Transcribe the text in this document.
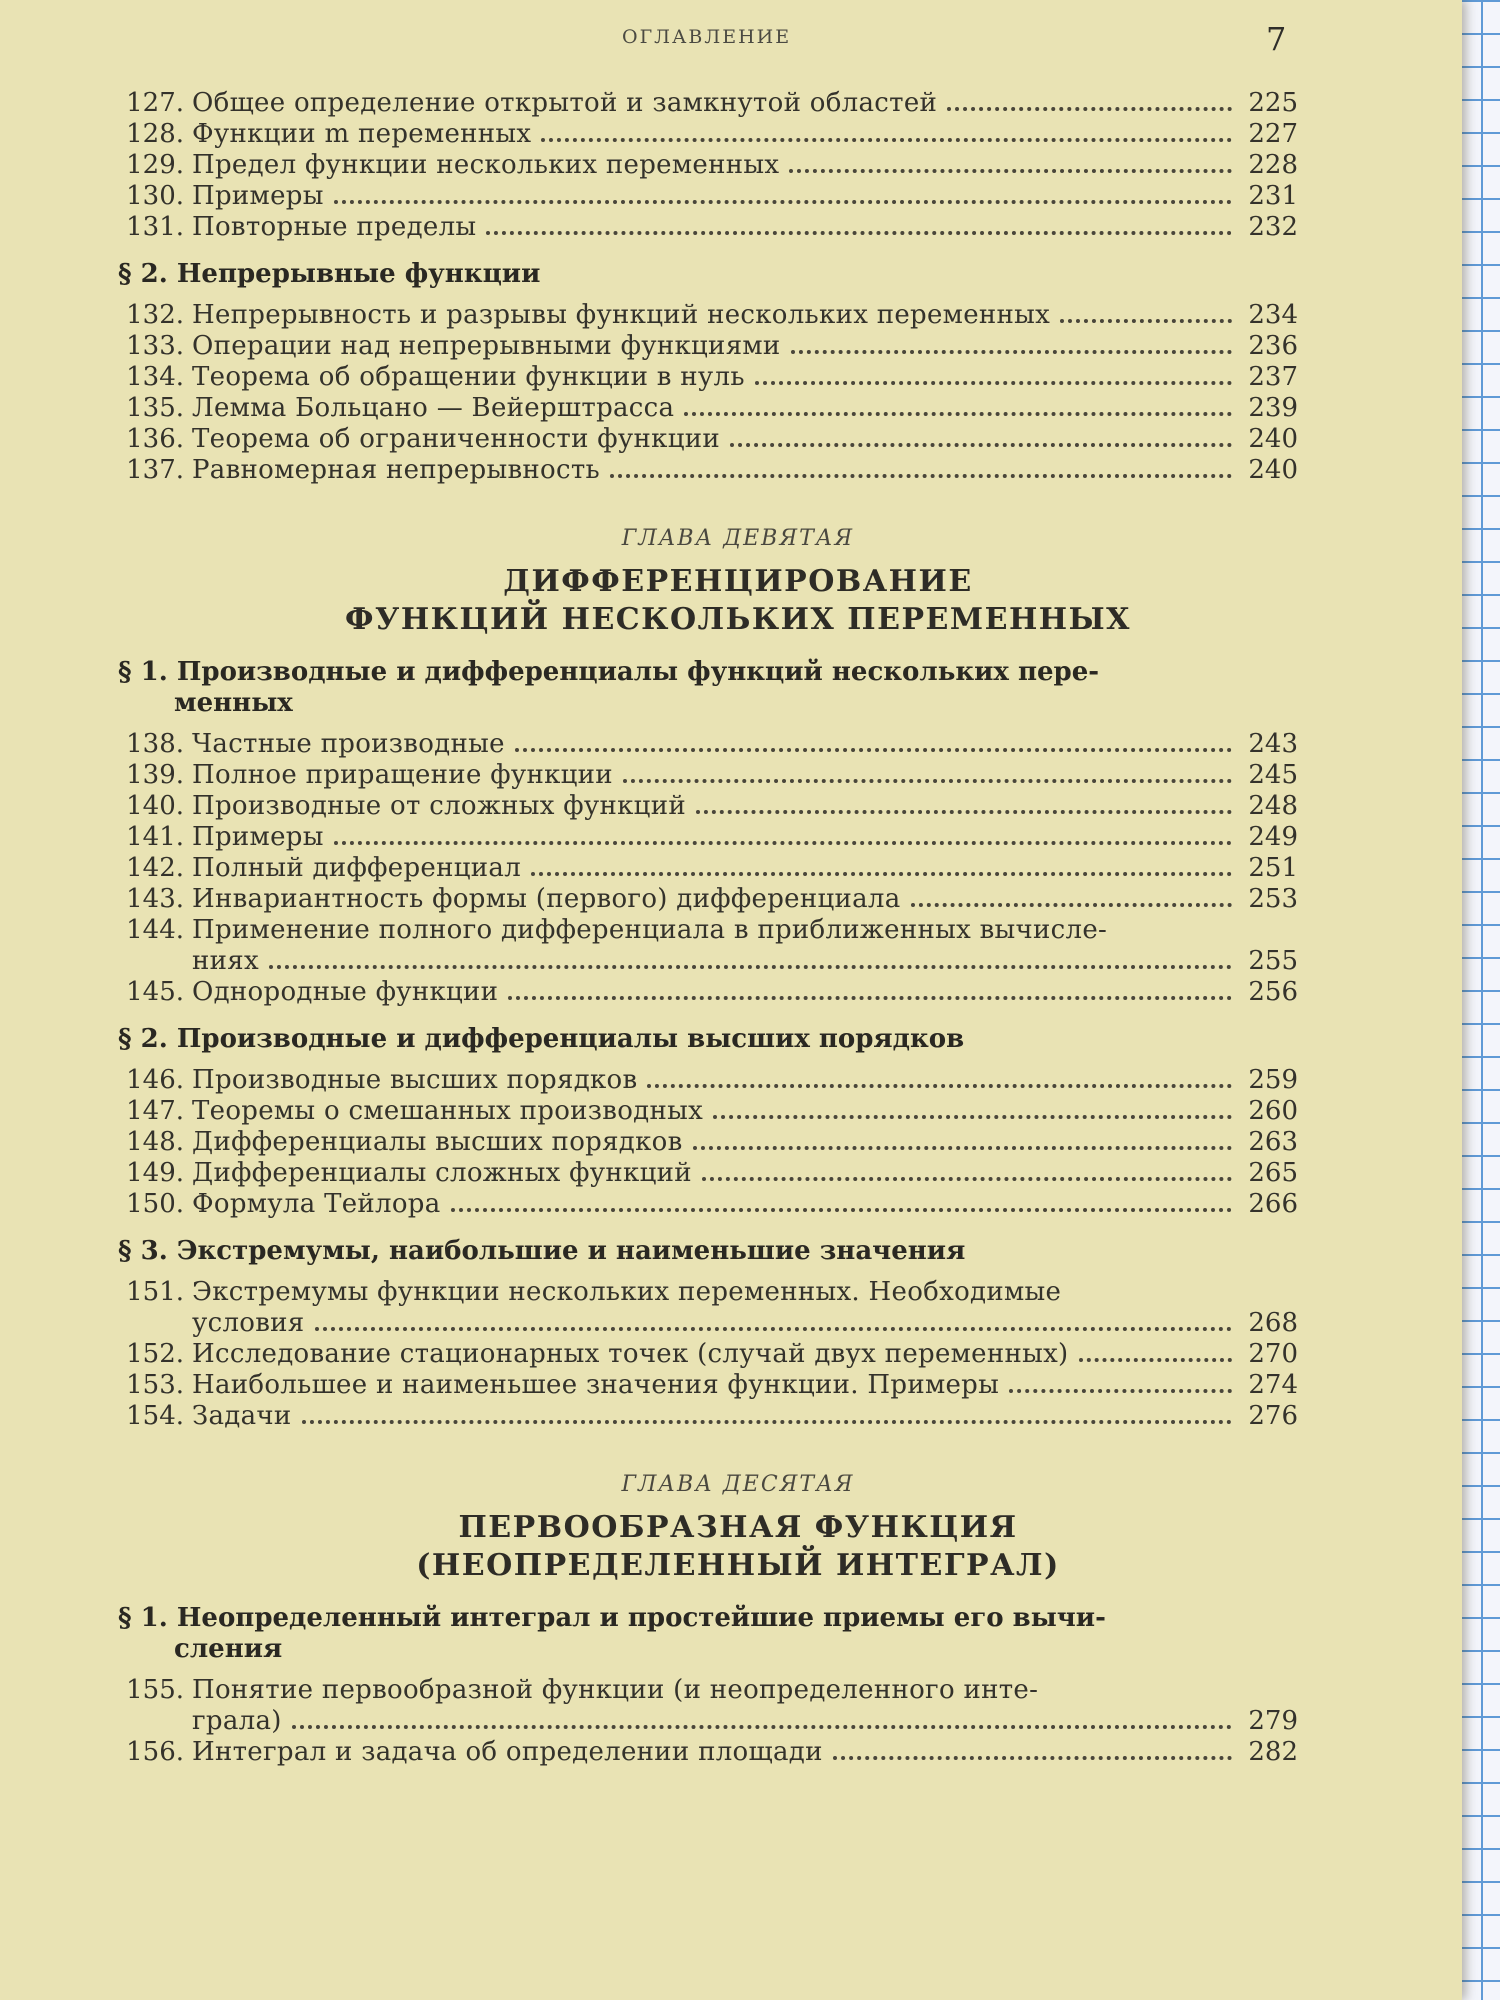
ОГЛАВЛЕНИЕ	7
127. Общее определение открытой и замкнутой областей	225
128. Функции m переменных	227
129. Предел функции нескольких переменных	228
130. Примеры	231
131. Повторные пределы	232
§ 2. Непрерывные функции
132. Непрерывность и разрывы функций нескольких переменных	234
133. Операции над непрерывными функциями	236
134. Теорема об обращении функции в нуль	237
135. Лемма Больцано — Вейерштрасса	239
136. Теорема об ограниченности функции	240
137. Равномерная непрерывность	240
ГЛАВА ДЕВЯТАЯ
ДИФФЕРЕНЦИРОВАНИЕ
ФУНКЦИЙ НЕСКОЛЬКИХ ПЕРЕМЕННЫХ
§ 1. Производные и дифференциалы функций нескольких пере-
менных
138. Частные производные	243
139. Полное приращение функции	245
140. Производные от сложных функций	248
141. Примеры	249
142. Полный дифференциал	251
143. Инвариантность формы (первого) дифференциала	253
144. Применение полного дифференциала в приближенных вычисле-
ниях	255
145. Однородные функции	256
§ 2. Производные и дифференциалы высших порядков
146. Производные высших порядков	259
147. Теоремы о смешанных производных	260
148. Дифференциалы высших порядков	263
149. Дифференциалы сложных функций	265
150. Формула Тейлора	266
§ 3. Экстремумы, наибольшие и наименьшие значения
151. Экстремумы функции нескольких переменных. Необходимые
условия	268
152. Исследование стационарных точек (случай двух переменных)	270
153. Наибольшее и наименьшее значения функции. Примеры	274
154. Задачи	276
ГЛАВА ДЕСЯТАЯ
ПЕРВООБРАЗНАЯ ФУНКЦИЯ
(НЕОПРЕДЕЛЕННЫЙ ИНТЕГРАЛ)
§ 1. Неопределенный интеграл и простейшие приемы его вычи-
сления
155. Понятие первообразной функции (и неопределенного инте-
грала)	279
156. Интеграл и задача об определении площади	282
